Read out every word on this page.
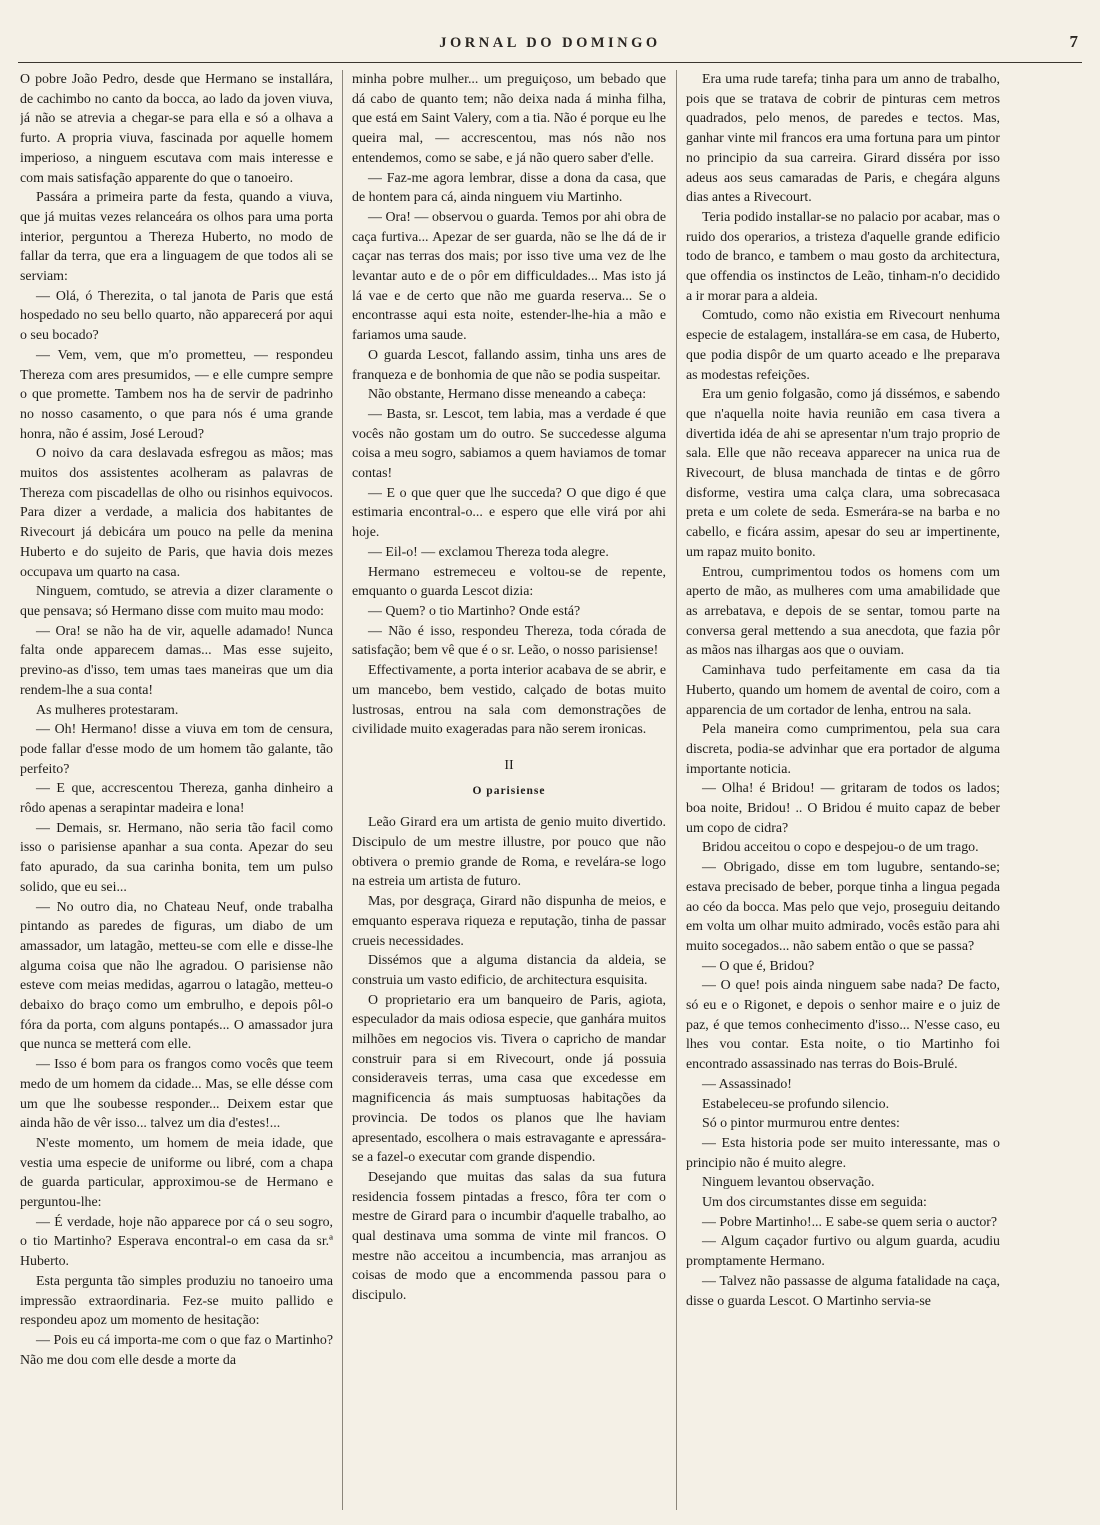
JORNAL DO DOMINGO	7

O pobre João Pedro, desde que Hermano se installára, de cachimbo no canto da bocca, ao lado da joven viuva, já não se atrevia a chegar-se para ella e só a olhava a furto. A propria viuva, fascinada por aquelle homem imperioso, a ninguem escutava com mais interesse e com mais satisfação apparente do que o tanoeiro.

Passára a primeira parte da festa, quando a viuva, que já muitas vezes relanceára os olhos para uma porta interior, perguntou a Thereza Huberto, no modo de fallar da terra, que era a linguagem de que todos ali se serviam:

— Olá, ó Therezita, o tal janota de Paris que está hospedado no seu bello quarto, não apparecerá por aqui o seu bocado?

— Vem, vem, que m'o prometteu, — respondeu Thereza com ares presumidos, — e elle cumpre sempre o que promette. Tambem nos ha de servir de padrinho no nosso casamento, o que para nós é uma grande honra, não é assim, José Leroud?

O noivo da cara deslavada esfregou as mãos; mas muitos dos assistentes acolheram as palavras de Thereza com piscadellas de olho ou risinhos equivocos. Para dizer a verdade, a malicia dos habitantes de Rivecourt já debicára um pouco na pelle da menina Huberto e do sujeito de Paris, que havia dois mezes occupava um quarto na casa.

Ninguem, comtudo, se atrevia a dizer claramente o que pensava; só Hermano disse com muito mau modo:

— Ora! se não ha de vir, aquelle adamado! Nunca falta onde apparecem damas... Mas esse sujeito, previno-as d'isso, tem umas taes maneiras que um dia rendem-lhe a sua conta!

As mulheres protestaram.

— Oh! Hermano! disse a viuva em tom de censura, pode fallar d'esse modo de um homem tão galante, tão perfeito?

— E que, accrescentou Thereza, ganha dinheiro a rôdo apenas a serapintar madeira e lona!

— Demais, sr. Hermano, não seria tão facil como isso o parisiense apanhar a sua conta. Apezar do seu fato apurado, da sua carinha bonita, tem um pulso solido, que eu sei...

— No outro dia, no Chateau Neuf, onde trabalha pintando as paredes de figuras, um diabo de um amassador, um latagão, metteu-se com elle e disse-lhe alguma coisa que não lhe agradou. O parisiense não esteve com meias medidas, agarrou o latagão, metteu-o debaixo do braço como um embrulho, e depois pôl-o fóra da porta, com alguns pontapés... O amassador jura que nunca se metterá com elle.

— Isso é bom para os frangos como vocês que teem medo de um homem da cidade... Mas, se elle désse com um que lhe soubesse responder... Deixem estar que ainda hão de vêr isso... talvez um dia d'estes!...

N'este momento, um homem de meia idade, que vestia uma especie de uniforme ou libré, com a chapa de guarda particular, approximou-se de Hermano e perguntou-lhe:

— É verdade, hoje não apparece por cá o seu sogro, o tio Martinho? Esperava encontral-o em casa da sr.ª Huberto.

Esta pergunta tão simples produziu no tanoeiro uma impressão extraordinaria. Fez-se muito pallido e respondeu apoz um momento de hesitação:

— Pois eu cá importa-me com o que faz o Martinho? Não me dou com elle desde a morte da

minha pobre mulher... um preguiçoso, um bebado que dá cabo de quanto tem; não deixa nada á minha filha, que está em Saint Valery, com a tia. Não é porque eu lhe queira mal, — accrescentou, mas nós não nos entendemos, como se sabe, e já não quero saber d'elle.

— Faz-me agora lembrar, disse a dona da casa, que de hontem para cá, ainda ninguem viu Martinho.

— Ora! — observou o guarda. Temos por ahi obra de caça furtiva... Apezar de ser guarda, não se lhe dá de ir caçar nas terras dos mais; por isso tive uma vez de lhe levantar auto e de o pôr em difficuldades... Mas isto já lá vae e de certo que não me guarda reserva... Se o encontrasse aqui esta noite, estender-lhe-hia a mão e fariamos uma saude.

O guarda Lescot, fallando assim, tinha uns ares de franqueza e de bonhomia de que não se podia suspeitar.

Não obstante, Hermano disse meneando a cabeça:

— Basta, sr. Lescot, tem labia, mas a verdade é que vocês não gostam um do outro. Se succedesse alguma coisa a meu sogro, sabiamos a quem haviamos de tomar contas!

— E o que quer que lhe succeda? O que digo é que estimaria encontral-o... e espero que elle virá por ahi hoje.

— Eil-o! — exclamou Thereza toda alegre.

Hermano estremeceu e voltou-se de repente, emquanto o guarda Lescot dizia:

— Quem? o tio Martinho? Onde está?

— Não é isso, respondeu Thereza, toda córada de satisfação; bem vê que é o sr. Leão, o nosso parisiense!

Effectivamente, a porta interior acabava de se abrir, e um mancebo, bem vestido, calçado de botas muito lustrosas, entrou na sala com demonstrações de civilidade muito exageradas para não serem ironicas.

II
O parisiense

Leão Girard era um artista de genio muito divertido. Discipulo de um mestre illustre, por pouco que não obtivera o premio grande de Roma, e revelára-se logo na estreia um artista de futuro.

Mas, por desgraça, Girard não dispunha de meios, e emquanto esperava riqueza e reputação, tinha de passar crueis necessidades.

Dissémos que a alguma distancia da aldeia, se construia um vasto edificio, de architectura esquisita.

O proprietario era um banqueiro de Paris, agiota, especulador da mais odiosa especie, que ganhára muitos milhões em negocios vis. Tivera o capricho de mandar construir para si em Rivecourt, onde já possuia consideraveis terras, uma casa que excedesse em magnificencia ás mais sumptuosas habitações da provincia. De todos os planos que lhe haviam apresentado, escolhera o mais estravagante e apressára-se a fazel-o executar com grande dispendio.

Desejando que muitas das salas da sua futura residencia fossem pintadas a fresco, fôra ter com o mestre de Girard para o incumbir d'aquelle trabalho, ao qual destinava uma somma de vinte mil francos. O mestre não acceitou a incumbencia, mas arranjou as coisas de modo que a encommenda passou para o discipulo.

Era uma rude tarefa; tinha para um anno de trabalho, pois que se tratava de cobrir de pinturas cem metros quadrados, pelo menos, de paredes e tectos. Mas, ganhar vinte mil francos era uma fortuna para um pintor no principio da sua carreira. Girard disséra por isso adeus aos seus camaradas de Paris, e chegára alguns dias antes a Rivecourt.

Teria podido installar-se no palacio por acabar, mas o ruido dos operarios, a tristeza d'aquelle grande edificio todo de branco, e tambem o mau gosto da architectura, que offendia os instinctos de Leão, tinham-n'o decidido a ir morar para a aldeia.

Comtudo, como não existia em Rivecourt nenhuma especie de estalagem, installára-se em casa, de Huberto, que podia dispôr de um quarto aceado e lhe preparava as modestas refeições.

Era um genio folgasão, como já dissémos, e sabendo que n'aquella noite havia reunião em casa tivera a divertida idéa de ahi se apresentar n'um trajo proprio de sala. Elle que não receava apparecer na unica rua de Rivecourt, de blusa manchada de tintas e de gôrro disforme, vestira uma calça clara, uma sobrecasaca preta e um colete de seda. Esmerára-se na barba e no cabello, e ficára assim, apesar do seu ar impertinente, um rapaz muito bonito.

Entrou, cumprimentou todos os homens com um aperto de mão, as mulheres com uma amabilidade que as arrebatava, e depois de se sentar, tomou parte na conversa geral mettendo a sua anecdota, que fazia pôr as mãos nas ilhargas aos que o ouviam.

Caminhava tudo perfeitamente em casa da tia Huberto, quando um homem de avental de coiro, com a apparencia de um cortador de lenha, entrou na sala.

Pela maneira como cumprimentou, pela sua cara discreta, podia-se advinhar que era portador de alguma importante noticia.

— Olha! é Bridou! — gritaram de todos os lados; boa noite, Bridou! .. O Bridou é muito capaz de beber um copo de cidra?

Bridou acceitou o copo e despejou-o de um trago.

— Obrigado, disse em tom lugubre, sentando-se; estava precisado de beber, porque tinha a lingua pegada ao céo da bocca. Mas pelo que vejo, proseguiu deitando em volta um olhar muito admirado, vocês estão para ahi muito socegados... não sabem então o que se passa?

— O que é, Bridou?

— O que! pois ainda ninguem sabe nada? De facto, só eu e o Rigonet, e depois o senhor maire e o juiz de paz, é que temos conhecimento d'isso... N'esse caso, eu lhes vou contar. Esta noite, o tio Martinho foi encontrado assassinado nas terras do Bois-Brulé.

— Assassinado!

Estabeleceu-se profundo silencio.

Só o pintor murmurou entre dentes:

— Esta historia pode ser muito interessante, mas o principio não é muito alegre.

Ninguem levantou observação.

Um dos circumstantes disse em seguida:

— Pobre Martinho!... E sabe-se quem seria o auctor?

— Algum caçador furtivo ou algum guarda, acudiu promptamente Hermano.

— Talvez não passasse de alguma fatalidade na caça, disse o guarda Lescot. O Martinho servia-se
